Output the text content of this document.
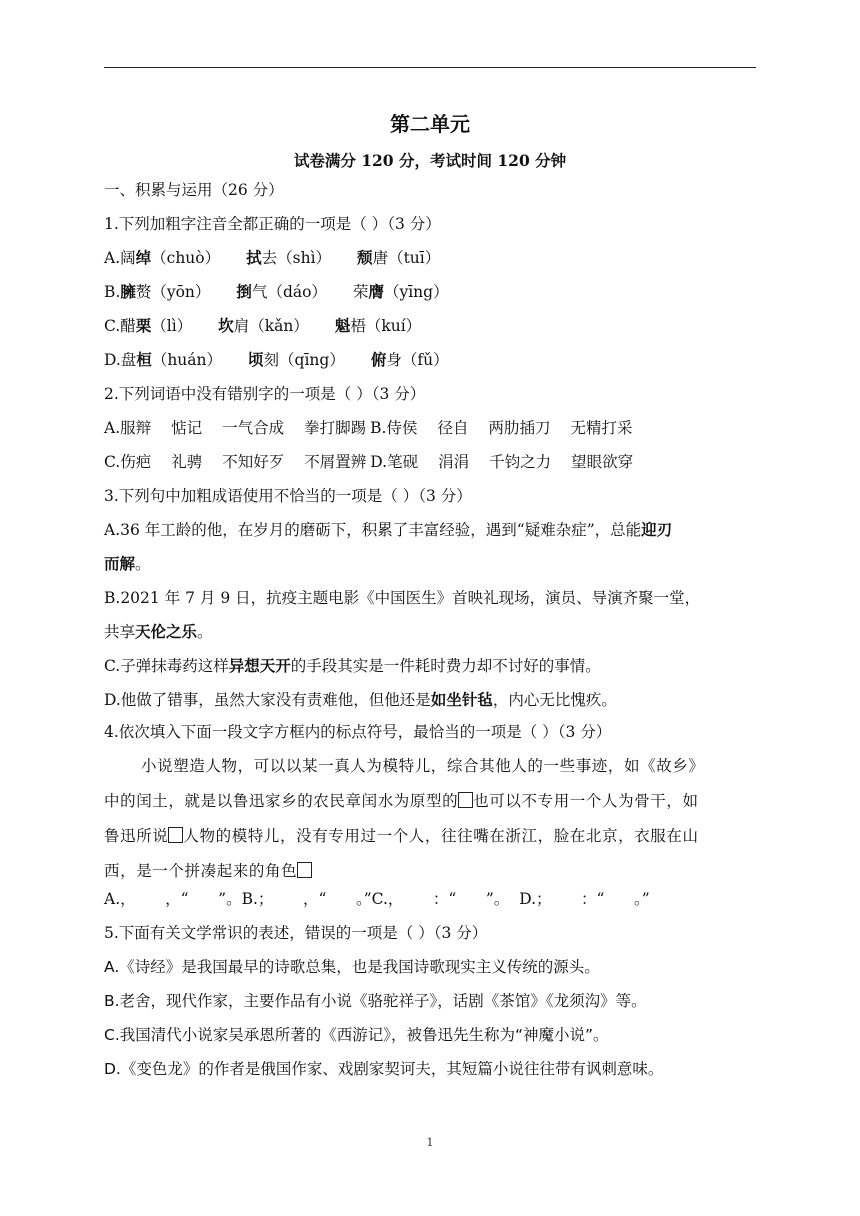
第二单元
试卷满分 120 分，考试时间 120 分钟
一、积累与运用（26 分）
1.下列加粗字注音全都正确的一项是（ ）（3 分）
A.阔绰（chuò） 拭去（shì） 颓唐（tuī）
B.臃赘（yōn） 捯气（dáo） 荣膺（yīng）
C.醋栗（lì） 坎肩（kǎn） 魁梧（kuí）
D.盘桓（huán） 顷刻（qīng） 俯身（fǔ）
2.下列词语中没有错别字的一项是（ ）（3 分）
A.服辩 惦记 一气合成 拳打脚踢 B.侍侯 径自 两肋插刀 无精打采
C.伤疤 礼骋 不知好歹 不屑置辨 D.笔砚 涓涓 千钧之力 望眼欲穿
3.下列句中加粗成语使用不恰当的一项是（ ）（3 分）
A.36 年工龄的他，在岁月的磨砺下，积累了丰富经验，遇到“疑难杂症”，总能迎刃
而解。
B.2021 年 7 月 9 日，抗疫主题电影《中国医生》首映礼现场，演员、导演齐聚一堂，
共享天伦之乐。
C.子弹抹毒药这样异想天开的手段其实是一件耗时费力却不讨好的事情。
D.他做了错事，虽然大家没有责难他，但他还是如坐针毡，内心无比愧疚。
4.依次填入下面一段文字方框内的标点符号，最恰当的一项是（ ）（3 分）
小说塑造人物，可以以某一真人为模特儿，综合其他人的一些事迹，如《故乡》
中的闰土，就是以鲁迅家乡的农民章闰水为原型的 也可以不专用一个人为骨干，如
鲁迅所说 人物的模特儿，没有专用过一个人，往往嘴在浙江，脸在北京，衣服在山
西，是一个拼凑起来的角色
A.，      ，“      ”。B.；      ，“      。”C.，      ：“      ”。  D.；      ：“      。”
5.下面有关文学常识的表述，错误的一项是（ ）（3 分）
A.《诗经》是我国最早的诗歌总集，也是我国诗歌现实主义传统的源头。
B.老舍，现代作家，主要作品有小说《骆驼祥子》，话剧《茶馆》《龙须沟》等。
C.我国清代小说家吴承恩所著的《西游记》，被鲁迅先生称为“神魔小说”。
D.《变色龙》的作者是俄国作家、戏剧家契诃夫，其短篇小说往往带有讽刺意味。
1
